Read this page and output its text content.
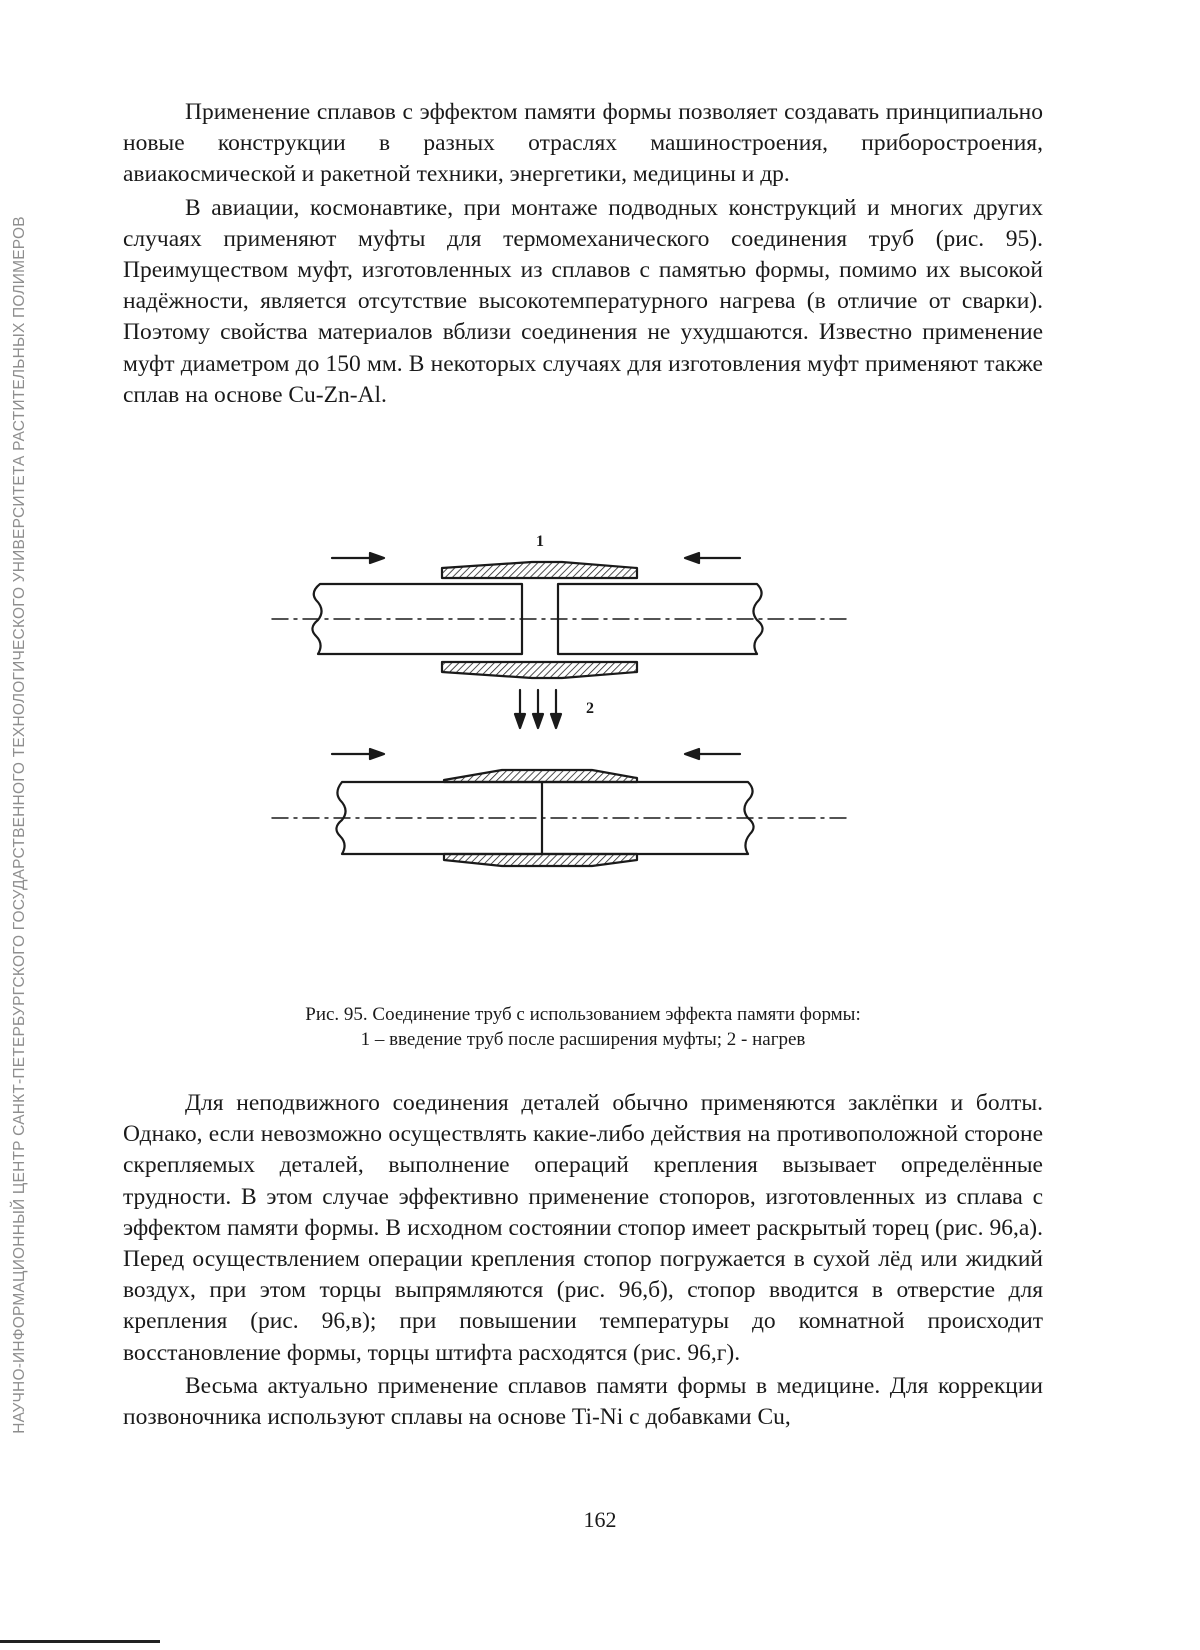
НАУЧНО-ИНФОРМАЦИОННЫЙ ЦЕНТР САНКТ-ПЕТЕРБУРГСКОГО ГОСУДАРСТВЕННОГО ТЕХНОЛОГИЧЕСКОГО УНИВЕРСИТЕТА РАСТИТЕЛЬНЫХ ПОЛИМЕРОВ

Применение сплавов с эффектом памяти формы позволяет создавать принципиально новые конструкции в разных отраслях машиностроения, приборостроения, авиакосмической и ракетной техники, энергетики, медицины и др.

В авиации, космонавтике, при монтаже подводных конструкций и многих других случаях применяют муфты для термомеханического соединения труб (рис. 95). Преимуществом муфт, изготовленных из сплавов с памятью формы, помимо их высокой надёжности, является отсутствие высокотемпературного нагрева (в отличие от сварки). Поэтому свойства материалов вблизи соединения не ухудшаются. Известно применение муфт диаметром до 150 мм. В некоторых случаях для изготовления муфт применяют также сплав на основе Cu-Zn-Al.

1
2
Рис. 95. Соединение труб с использованием эффекта памяти формы:
1 – введение труб после расширения муфты; 2 - нагрев

Для неподвижного соединения деталей обычно применяются заклёпки и болты. Однако, если невозможно осуществлять какие-либо действия на противоположной стороне скрепляемых деталей, выполнение операций крепления вызывает определённые трудности. В этом случае эффективно применение стопоров, изготовленных из сплава с эффектом памяти формы. В исходном состоянии стопор имеет раскрытый торец (рис. 96,а). Перед осуществлением операции крепления стопор погружается в сухой лёд или жидкий воздух, при этом торцы выпрямляются (рис. 96,б), стопор вводится в отверстие для крепления (рис. 96,в); при повышении температуры до комнатной происходит восстановление формы, торцы штифта расходятся (рис. 96,г).

Весьма актуально применение сплавов памяти формы в медицине. Для коррекции позвоночника используют сплавы на основе Ti-Ni с добавками Cu,

162
